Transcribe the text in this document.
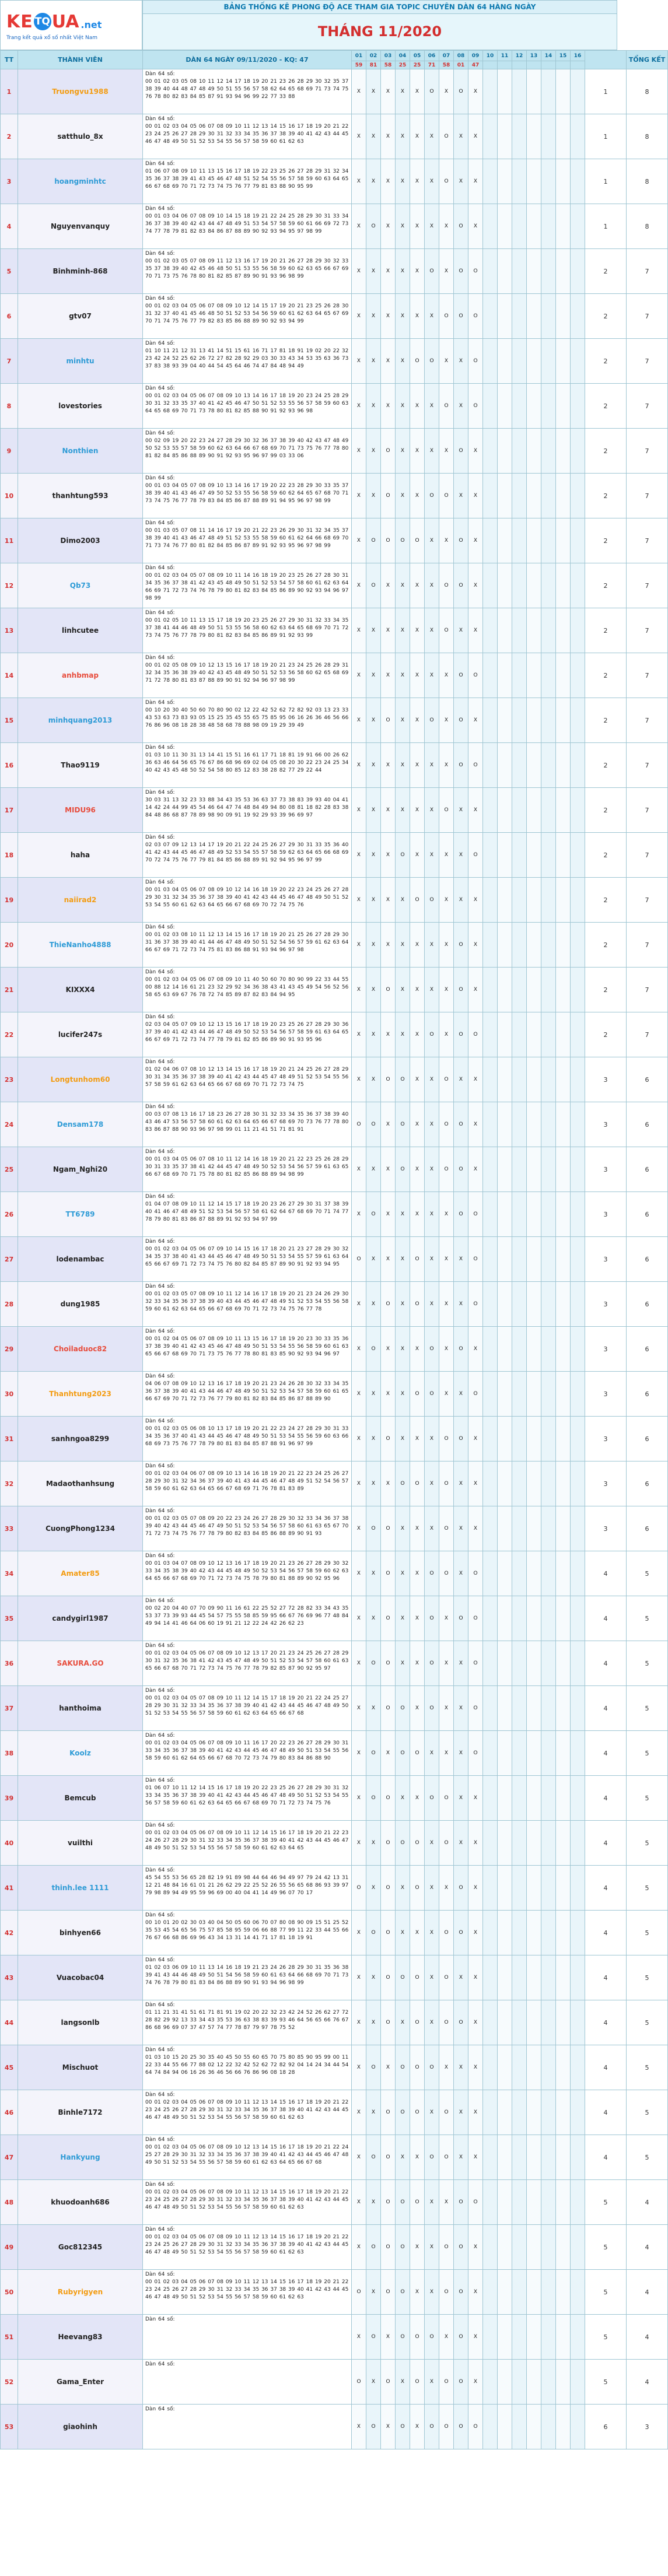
KE TQ UA .net
Trang kết quả xổ số nhất Việt Nam
BẢNG THỐNG KÊ PHONG ĐỘ ACE THAM GIA TOPIC CHUYÊN DÀN 64 HÀNG NGÀY
THÁNG 11/2020
TT	THÀNH VIÊN	DÀN 64 NGÀY 09/11/2020 - KQ: 47	01	02	03	04	05	06	07	08	09	10	11	12	13	14	15	16		TỔNG KẾT
			59	81	58	25	25	71	58	01	47									
1	Truongvu1988	Dàn 64 số:
00 01 02 03 05 08 10 11 12 14 17 18 19 20 21 23 26 28 29 30 32 35 37 38 39 40 44 48 47 48 49 50 51 55 56 57 58 62 64 65 68 69 71 73 74 75 76 78 80 82 83 84 85 87 91 93 94 96 99 22 77 33 88	X	X	X	X	X	O	X	O	X								1	8
2	satthulo_8x	Dàn 64 số:
00 01 02 03 04 05 06 07 08 09 10 11 12 13 14 15 16 17 18 19 20 21 22 23 24 25 26 27 28 29 30 31 32 33 34 35 36 37 38 39 40 41 42 43 44 45 46 47 48 49 50 51 52 53 54 55 56 57 58 59 60 61 62 63	X	X	X	X	X	X	O	X	X								1	8
3	hoangminhtc	Dàn 64 số:
01 06 07 08 09 10 11 13 15 16 17 18 19 22 23 25 26 27 28 29 31 32 34 35 36 37 38 39 41 43 45 46 47 48 51 52 54 55 56 57 58 59 60 63 64 65 66 67 68 69 70 71 72 73 74 75 76 77 79 81 83 88 90 95 99	X	X	X	X	X	X	O	X	X								1	8
4	Nguyenvanquy	Dàn 64 số:
00 01 03 04 06 07 08 09 10 14 15 18 19 21 22 24 25 28 29 30 31 33 34 36 37 38 39 40 42 43 44 47 48 49 51 53 54 57 58 59 60 61 66 69 72 73 74 77 78 79 81 82 83 84 86 87 88 89 90 92 93 94 95 97 98 99	X	O	X	X	X	X	X	O	X								1	8
5	Binhminh-868	Dàn 64 số:
00 01 02 03 05 07 08 09 11 12 13 16 17 19 20 21 26 27 28 29 30 32 33 35 37 38 39 40 42 45 46 48 50 51 53 55 56 58 59 60 62 63 65 66 67 69 70 71 73 75 76 78 80 81 82 85 87 89 90 91 93 96 98 99	X	X	X	X	X	O	X	O	O								2	7
6	gtv07	Dàn 64 số:
00 01 02 03 04 05 06 07 08 09 10 12 14 15 17 19 20 21 23 25 26 28 30 31 32 37 40 41 45 46 48 50 51 52 53 54 56 59 60 61 62 63 64 65 67 69 70 71 74 75 76 77 79 82 83 85 86 88 89 90 92 93 94 99	X	X	X	X	X	X	O	O	O								2	7
7	minhtu	Dàn 64 số:
01 10 11 21 12 31 13 41 14 51 15 61 16 71 17 81 18 91 19 02 20 22 32 23 42 24 52 25 62 26 72 27 82 28 92 29 03 30 33 43 34 53 35 63 36 73 37 83 38 93 39 04 40 44 54 45 64 46 74 47 84 48 94 49	X	X	X	X	O	O	X	X	O								2	7
8	lovestories	Dàn 64 số:
00 01 02 03 04 05 06 07 08 09 10 13 14 16 17 18 19 20 23 24 25 28 29 30 31 32 33 35 37 40 41 42 45 46 47 50 51 52 53 55 56 57 58 59 60 63 64 65 68 69 70 71 73 78 80 81 82 85 88 90 91 92 93 96 98	X	X	X	X	X	X	O	X	O								2	7
9	Nonthien	Dàn 64 số:
00 02 09 19 20 22 23 24 27 28 29 30 32 36 37 38 39 40 42 43 47 48 49 50 52 53 55 57 58 59 60 62 63 64 66 67 68 69 70 71 73 75 76 77 78 80 81 82 84 85 86 88 89 90 91 92 93 95 96 97 99 03 33 06	X	X	O	X	X	X	X	O	X								2	7
10	thanhtung593	Dàn 64 số:
00 01 03 04 05 07 08 09 10 13 14 16 17 19 20 22 23 28 29 30 33 35 37 38 39 40 41 43 46 47 49 50 52 53 55 56 58 59 60 62 64 65 67 68 70 71 73 74 75 76 77 78 79 83 84 85 86 87 88 89 91 94 95 96 97 98 99	X	X	O	X	X	O	O	X	X								2	7
11	Dimo2003	Dàn 64 số:
00 01 03 05 07 08 11 14 16 17 19 20 21 22 23 26 29 30 31 32 34 35 37 38 39 40 41 43 46 47 48 49 51 52 53 55 58 59 60 61 62 64 66 68 69 70 71 73 74 76 77 80 81 82 84 85 86 87 89 91 92 93 95 96 97 98 99	X	O	O	O	O	X	X	O	X								2	7
12	Qb73	Dàn 64 số:
00 01 02 03 04 05 07 08 09 10 11 14 16 18 19 20 23 25 26 27 28 30 31 34 35 36 37 38 41 42 43 45 48 49 50 51 52 53 54 57 58 60 61 62 63 64 66 69 71 72 73 74 76 78 79 80 81 82 83 84 85 86 89 90 92 93 94 96 97 98 99	X	O	X	X	X	X	O	O	X								2	7
13	linhcutee	Dàn 64 số:
00 01 02 05 10 11 13 15 17 18 19 20 23 25 26 27 29 30 31 32 33 34 35 37 38 41 44 46 48 49 50 51 53 55 56 58 60 62 63 64 65 68 69 70 71 72 73 74 75 76 77 78 79 80 81 82 83 84 85 86 89 91 92 93 99	X	X	X	X	X	X	O	X	X								2	7
14	anhbmap	Dàn 64 số:
00 01 02 05 08 09 10 12 13 15 16 17 18 19 20 21 23 24 25 26 28 29 31 32 34 35 36 38 39 40 42 43 45 48 49 50 51 52 53 56 58 60 62 65 68 69 71 72 78 80 81 83 87 88 89 90 91 92 94 96 97 98 99	X	X	X	X	X	X	X	O	O								2	7
15	minhquang2013	Dàn 64 số:
00 10 20 30 40 50 60 70 80 90 02 12 22 42 52 62 72 82 92 03 13 23 33 43 53 63 73 83 93 05 15 25 35 45 55 65 75 85 95 06 16 26 36 46 56 66 76 86 96 08 18 28 38 48 58 68 78 88 98 09 19 29 39 49	X	X	O	X	X	O	X	O	X								2	7
16	Thao9119	Dàn 64 số:
01 03 10 11 30 31 13 14 41 15 51 16 61 17 71 18 81 19 91 66 00 26 62 36 63 46 64 56 65 76 67 86 68 96 69 02 04 05 08 20 30 22 23 24 25 34 40 42 43 45 48 50 52 54 58 80 85 12 83 38 28 82 77 29 22 44	X	X	X	X	X	X	X	O	O								2	7
17	MIDU96	Dàn 64 số:
30 03 31 13 32 23 33 88 34 43 35 53 36 63 37 73 38 83 39 93 40 04 41 14 42 24 44 99 45 54 46 64 47 74 48 84 49 94 80 08 81 18 82 28 83 38 84 48 86 68 87 78 89 98 90 09 91 19 92 29 93 39 96 69 97	X	X	X	X	X	X	O	X	X								2	7
18	haha	Dàn 64 số:
02 03 07 09 12 13 14 17 19 20 21 22 24 25 26 27 29 30 31 33 35 36 40 41 42 43 44 45 46 47 48 49 52 53 54 55 57 58 59 62 63 64 65 66 68 69 70 72 74 75 76 77 79 81 84 85 86 88 89 91 92 94 95 96 97 99	X	X	X	O	X	X	X	X	O								2	7
19	naiirad2	Dàn 64 số:
00 01 03 04 05 06 07 08 09 10 12 14 16 18 19 20 22 23 24 25 26 27 28 29 30 31 32 34 35 36 37 38 39 40 41 42 43 44 45 46 47 48 49 50 51 52 53 54 55 60 61 62 63 64 65 66 67 68 69 70 72 74 75 76	X	X	X	X	O	O	X	X	X								2	7
20	ThieNanho4888	Dàn 64 số:
00 01 02 03 08 10 11 12 13 14 15 16 17 18 19 20 21 25 26 27 28 29 30 31 36 37 38 39 40 41 44 46 47 48 49 50 51 52 54 56 57 59 61 62 63 64 66 67 69 71 72 73 74 75 81 83 86 88 91 93 94 96 97 98	X	X	X	X	X	X	X	O	X								2	7
21	KIXXX4	Dàn 64 số:
00 01 02 03 04 05 06 07 08 09 10 11 40 50 60 70 80 90 99 22 33 44 55 00 88 12 14 16 61 21 23 32 29 92 34 36 38 43 41 43 45 49 54 56 52 56 58 65 63 69 67 76 78 72 74 85 89 87 82 83 84 94 95	X	X	O	X	X	X	X	O	X								2	7
22	lucifer247s	Dàn 64 số:
02 03 04 05 07 09 10 12 13 15 16 17 18 19 20 23 25 26 27 28 29 30 36 37 39 40 41 42 43 44 46 47 48 49 50 52 53 54 56 57 58 59 61 63 64 65 66 67 69 71 72 73 74 77 78 79 81 82 85 86 89 90 91 93 95 96	X	X	X	X	X	O	X	O	O								2	7
23	Longtunhom60	Dàn 64 số:
01 02 04 06 07 08 10 12 13 14 15 16 17 18 19 20 21 24 25 26 27 28 29 30 31 34 35 36 37 38 39 40 41 42 43 44 45 47 48 49 51 52 53 54 55 56 57 58 59 61 62 63 64 65 66 67 68 69 70 71 72 73 74 75	X	X	O	O	X	X	O	X	X								3	6
24	Densam178	Dàn 64 số:
00 03 07 08 13 16 17 18 23 26 27 28 30 31 32 33 34 35 36 37 38 39 40 43 46 47 53 56 57 58 60 61 62 63 64 65 66 67 68 69 70 73 76 77 78 80 83 86 87 88 90 93 96 97 98 99 01 11 21 41 51 71 81 91	O	O	X	O	X	X	O	O	X								3	6
25	Ngam_Nghi20	Dàn 64 số:
00 01 03 04 05 06 07 08 10 11 12 14 16 18 19 20 21 22 23 25 26 28 29 30 31 33 35 37 38 41 42 44 45 47 48 49 50 52 53 54 56 57 59 61 63 65 66 67 68 69 70 71 75 78 80 81 82 85 86 88 89 94 98 99	X	X	X	O	X	X	O	O	X								3	6
26	TT6789	Dàn 64 số:
01 04 07 08 09 10 11 12 14 15 17 18 19 20 23 26 27 29 30 31 37 38 39 40 41 46 47 48 49 51 52 53 54 56 57 58 61 62 64 67 68 69 70 71 74 77 78 79 80 81 83 86 87 88 89 91 92 93 94 97 99	X	O	X	X	X	X	X	O	O								3	6
27	lodenambac	Dàn 64 số:
00 01 02 03 04 05 06 07 09 10 14 15 16 17 18 20 21 23 27 28 29 30 32 34 35 37 38 40 41 43 44 45 46 47 48 49 50 51 53 54 55 57 59 61 63 64 65 66 67 69 71 72 73 74 75 76 80 82 84 85 87 89 90 91 92 93 94 95	O	X	X	X	O	X	X	X	O								3	6
28	dung1985	Dàn 64 số:
00 01 02 03 05 07 08 09 10 11 12 14 16 17 18 19 20 21 23 24 26 29 30 32 33 34 35 36 37 38 39 40 43 44 45 46 47 48 49 51 52 53 54 55 56 58 59 60 61 62 63 64 65 66 67 68 69 70 71 72 73 74 75 76 77 78	X	X	O	X	O	X	X	X	O								3	6
29	Choiladuoc82	Dàn 64 số:
00 01 02 04 05 06 07 08 09 10 11 13 15 16 17 18 19 20 23 30 33 35 36 37 38 39 40 41 42 43 45 46 47 48 49 50 51 53 54 55 56 58 59 60 61 63 65 66 67 68 69 70 71 73 75 76 77 78 80 81 83 85 90 92 93 94 96 97	X	O	X	X	X	O	X	O	X								3	6
30	Thanhtung2023	Dàn 64 số:
04 06 07 08 09 10 12 13 16 17 18 19 20 21 23 24 26 28 30 32 33 34 35 36 37 38 39 40 41 43 44 46 47 48 49 50 51 52 53 54 57 58 59 60 61 65 66 67 69 70 71 72 73 76 77 79 80 81 82 83 84 85 86 87 88 89 90	X	X	X	X	O	O	X	X	O								3	6
31	sanhngoa8299	Dàn 64 số:
00 01 02 03 05 06 08 10 13 17 18 19 20 21 22 23 24 27 28 29 30 31 33 34 35 36 37 40 41 43 44 45 46 47 48 49 50 51 53 54 55 56 59 60 63 66 68 69 73 75 76 77 78 79 80 81 83 84 85 87 88 91 96 97 99	X	X	O	X	X	X	O	O	X								3	6
32	Madaothanhsung	Dàn 64 số:
00 01 02 03 04 06 07 08 09 10 13 14 16 18 19 20 21 22 23 24 25 26 27 28 29 30 31 32 34 36 37 39 40 41 43 44 45 46 47 48 49 51 52 54 56 57 58 59 60 61 62 63 64 65 66 67 68 69 71 76 78 81 83 89	X	X	X	O	O	X	O	X	X								3	6
33	CuongPhong1234	Dàn 64 số:
00 01 02 03 05 07 08 09 20 22 23 24 26 27 28 29 30 32 33 34 36 37 38 39 40 42 43 44 45 46 47 49 50 51 52 53 54 56 57 58 60 61 63 65 67 70 71 72 73 74 75 76 77 78 79 80 82 83 84 85 86 88 89 90 91 93	X	O	O	X	X	X	O	X	X								3	6
34	Amater85	Dàn 64 số:
00 01 03 04 07 08 09 10 12 13 16 17 18 19 20 21 23 26 27 28 29 30 32 33 34 35 38 39 40 42 43 44 45 48 49 50 52 53 54 56 57 58 59 60 62 63 64 65 66 67 68 69 70 71 72 73 74 75 78 79 80 81 88 89 90 92 95 96	X	X	O	X	X	O	O	X	O								4	5
35	candygirl1987	Dàn 64 số:
00 02 20 04 40 07 70 09 90 11 16 61 22 25 52 27 72 28 82 33 34 43 35 53 37 73 39 93 44 45 54 57 75 55 58 85 59 95 66 67 76 69 96 77 48 84 49 94 14 41 46 64 06 60 19 91 21 12 22 24 42 26 62 23	X	X	O	X	X	O	X	O	O								4	5
36	SAKURA.GO	Dàn 64 số:
00 01 02 03 04 05 06 07 08 09 10 12 13 17 20 21 23 24 25 26 27 28 29 30 31 32 35 36 38 41 42 43 45 47 48 49 50 51 52 53 54 57 58 60 61 63 65 66 67 68 70 71 72 73 74 75 76 77 78 79 82 85 87 90 92 95 97	X	O	O	X	X	O	X	X	O								4	5
37	hanthoima	Dàn 64 số:
00 01 02 03 04 05 07 08 09 10 11 12 14 15 17 18 19 20 21 22 24 25 27 28 29 30 31 32 33 34 35 36 37 38 39 40 41 42 43 44 45 46 47 48 49 50 51 52 53 54 55 56 57 58 59 60 61 62 63 64 65 66 67 68	X	X	O	O	X	O	X	X	O								4	5
38	Koolz	Dàn 64 số:
00 01 02 03 04 05 06 07 08 09 10 11 16 17 20 22 23 26 27 28 29 30 31 33 34 35 36 37 38 39 40 41 42 43 44 45 46 47 48 49 50 51 53 54 55 56 58 59 60 61 62 64 65 66 67 68 70 72 73 74 79 80 83 84 86 88 90	X	O	X	O	O	X	X	X	O								4	5
39	Bemcub	Dàn 64 số:
01 06 07 10 11 12 14 15 16 17 18 19 20 22 23 25 26 27 28 29 30 31 32 33 34 35 36 37 38 39 40 41 42 43 44 45 46 47 48 49 50 51 52 53 54 55 56 57 58 59 60 61 62 63 64 65 66 67 68 69 70 71 72 73 74 75 76	X	O	O	X	X	O	O	X	X								4	5
40	vuilthi	Dàn 64 số:
00 01 02 03 04 05 06 07 08 09 10 11 12 14 15 16 17 18 19 20 21 22 23 24 26 27 28 29 30 31 32 33 34 35 36 37 38 39 40 41 42 43 44 45 46 47 48 49 50 51 52 53 54 55 56 57 58 59 60 61 62 63 64 65	X	X	O	O	O	X	O	X	X								4	5
41	thinh.lee 1111	Dàn 64 số:
45 54 55 53 56 65 28 82 19 91 89 98 44 64 46 94 49 97 79 24 42 13 31 12 21 48 84 16 61 01 21 26 62 29 22 25 52 26 55 56 65 68 86 93 39 97 79 98 89 94 49 95 59 96 69 00 40 04 41 14 49 96 07 70 17	O	X	O	X	O	X	X	O	X								4	5
42	binhyen66	Dàn 64 số:
00 10 01 20 02 30 03 40 04 50 05 60 06 70 07 80 08 90 09 15 51 25 52 35 53 45 54 65 56 75 57 85 58 95 59 06 66 88 77 99 11 22 33 44 55 66 76 67 66 68 86 69 96 43 34 13 31 14 41 71 17 81 18 19 91	X	O	O	X	X	X	O	O	X								4	5
43	Vuacobac04	Dàn 64 số:
01 02 03 06 09 10 11 13 14 16 18 19 21 23 24 26 28 29 30 31 35 36 38 39 41 43 44 46 48 49 50 51 54 56 58 59 60 61 63 64 66 68 69 70 71 73 74 76 78 79 80 81 83 84 86 88 89 90 91 93 94 96 98 99	X	X	O	O	O	X	O	X	X								4	5
44	langsonlb	Dàn 64 số:
01 11 21 31 41 51 61 71 81 91 19 02 20 22 32 23 42 24 52 26 62 27 72 28 82 29 92 13 33 34 43 35 53 36 63 38 83 39 93 46 64 56 65 66 76 67 86 68 96 69 07 37 47 57 74 77 78 87 79 97 78 75 52	X	X	O	X	O	X	O	O	X								4	5
45	Mischuot	Dàn 64 số:
01 03 10 15 20 25 30 35 40 45 50 55 60 65 70 75 80 85 90 95 99 00 11 22 33 44 55 66 77 88 02 12 22 32 42 52 62 72 82 92 04 14 24 34 44 54 64 74 84 94 06 16 26 36 46 56 66 76 86 96 08 18 28	X	O	X	O	O	O	X	X	X								4	5
46	Binhle7172	Dàn 64 số:
00 01 02 03 04 05 06 07 08 09 10 11 12 13 14 15 16 17 18 19 20 21 22 23 24 25 26 27 28 29 30 31 32 33 34 35 36 37 38 39 40 41 42 43 44 45 46 47 48 49 50 51 52 53 54 55 56 57 58 59 60 61 62 63	X	X	O	O	O	X	O	X	X								4	5
47	Hankyung	Dàn 64 số:
00 01 02 03 04 05 06 07 08 09 10 12 13 14 15 16 17 18 19 20 21 22 24 25 27 28 29 30 31 32 33 34 35 36 37 38 39 40 41 42 43 44 45 46 47 48 49 50 51 52 53 54 55 56 57 58 59 60 61 62 63 64 65 66 67 68	X	O	O	X	X	O	O	X	X								4	5
48	khuodoanh686	Dàn 64 số:
00 01 02 03 04 05 06 07 08 09 10 11 12 13 14 15 16 17 18 19 20 21 22 23 24 25 26 27 28 29 30 31 32 33 34 35 36 37 38 39 40 41 42 43 44 45 46 47 48 49 50 51 52 53 54 55 56 57 58 59 60 61 62 63	X	X	O	O	O	X	X	O	O								5	4
49	Goc812345	Dàn 64 số:
00 01 02 03 04 05 06 07 08 09 10 11 12 13 14 15 16 17 18 19 20 21 22 23 24 25 26 27 28 29 30 31 32 33 34 35 36 37 38 39 40 41 42 43 44 45 46 47 48 49 50 51 52 53 54 55 56 57 58 59 60 61 62 63	X	O	O	O	X	X	O	O	X								5	4
50	Rubyrigyen	Dàn 64 số:
00 01 02 03 04 05 06 07 08 09 10 11 12 13 14 15 16 17 18 19 20 21 22 23 24 25 26 27 28 29 30 31 32 33 34 35 36 37 38 39 40 41 42 43 44 45 46 47 48 49 50 51 52 53 54 55 56 57 58 59 60 61 62 63	O	X	O	O	X	X	O	O	X								5	4
51	Heevang83	Dàn 64 số:	X	O	X	O	O	O	X	O	X								5	4
52	Gama_Enter	Dàn 64 số:	O	X	O	X	O	X	O	O	X								5	4
53	giaohinh	Dàn 64 số:	X	O	X	O	X	O	O	O	O								6	3
